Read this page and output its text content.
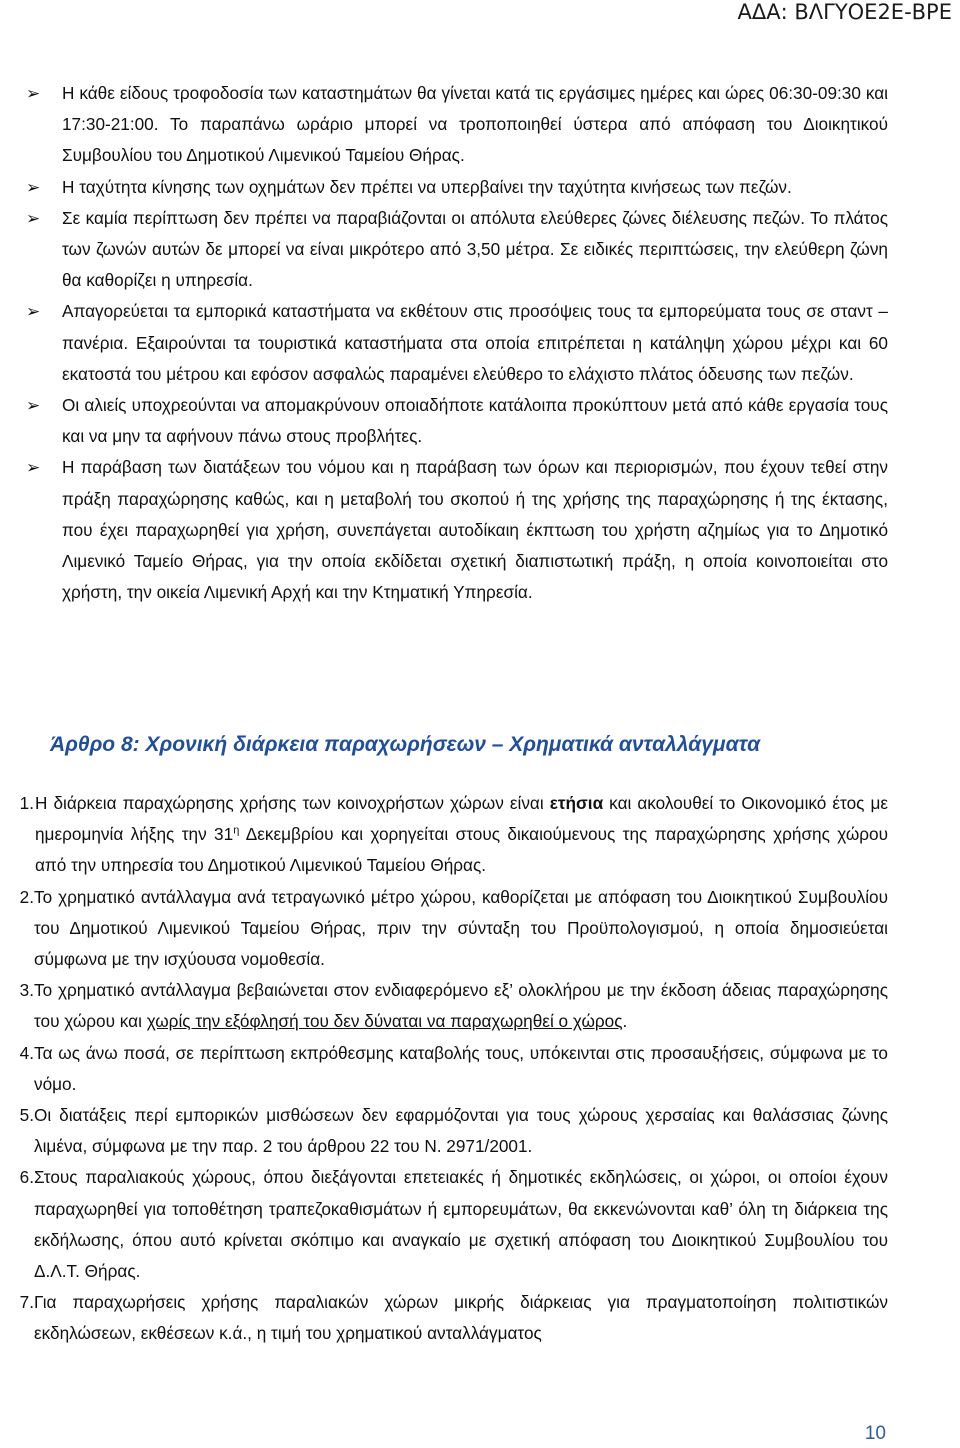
ΑΔΑ: ΒΛΓΥΟΕ2Ε-ΒΡΕ
➢	Η κάθε είδους τροφοδοσία των καταστημάτων θα γίνεται κατά τις εργάσιμες ημέρες και ώρες 06:30-09:30 και 17:30-21:00. Το παραπάνω ωράριο μπορεί να τροποποιηθεί ύστερα από απόφαση του Διοικητικού Συμβουλίου του Δημοτικού Λιμενικού Ταμείου Θήρας.
➢	Η ταχύτητα κίνησης των οχημάτων δεν πρέπει να υπερβαίνει την ταχύτητα κινήσεως των πεζών.
➢	Σε καμία περίπτωση δεν πρέπει να παραβιάζονται οι απόλυτα ελεύθερες ζώνες διέλευσης πεζών. Το πλάτος των ζωνών αυτών δε μπορεί να είναι μικρότερο από 3,50 μέτρα. Σε ειδικές περιπτώσεις, την ελεύθερη ζώνη θα καθορίζει η υπηρεσία.
➢	Απαγορεύεται τα εμπορικά καταστήματα να εκθέτουν στις προσόψεις τους τα εμπορεύματα τους σε σταντ – πανέρια. Εξαιρούνται τα τουριστικά καταστήματα στα οποία επιτρέπεται η κατάληψη χώρου μέχρι και 60 εκατοστά του μέτρου και εφόσον ασφαλώς παραμένει ελεύθερο το ελάχιστο πλάτος όδευσης των πεζών.
➢	Οι αλιείς υποχρεούνται να απομακρύνουν οποιαδήποτε κατάλοιπα προκύπτουν μετά από κάθε εργασία τους και να μην τα αφήνουν πάνω στους προβλήτες.
➢	Η παράβαση των διατάξεων του νόμου και η παράβαση των όρων και περιορισμών, που έχουν τεθεί στην πράξη παραχώρησης καθώς, και η μεταβολή του σκοπού ή της χρήσης της παραχώρησης ή της έκτασης, που έχει παραχωρηθεί για χρήση, συνεπάγεται αυτοδίκαιη έκπτωση του χρήστη αζημίως για το Δημοτικό Λιμενικό Ταμείο Θήρας, για την οποία εκδίδεται σχετική διαπιστωτική πράξη, η οποία κοινοποιείται στο χρήστη, την οικεία Λιμενική Αρχή και την Κτηματική Υπηρεσία.
Άρθρο 8: Χρονική διάρκεια παραχωρήσεων – Χρηματικά ανταλλάγματα
1. Η διάρκεια παραχώρησης χρήσης των κοινοχρήστων χώρων είναι ετήσια και ακολουθεί το Οικονομικό έτος με ημερομηνία λήξης την $31^\eta$ Δεκεμβρίου και χορηγείται στους δικαιούμενους της παραχώρησης χρήσης χώρου από την υπηρεσία του Δημοτικού Λιμενικού Ταμείου Θήρας.
2. Το χρηματικό αντάλλαγμα ανά τετραγωνικό μέτρο χώρου, καθορίζεται με απόφαση του Διοικητικού Συμβουλίου του Δημοτικού Λιμενικού Ταμείου Θήρας, πριν την σύνταξη του Προϋπολογισμού, η οποία δημοσιεύεται σύμφωνα με την ισχύουσα νομοθεσία.
3. Το χρηματικό αντάλλαγμα βεβαιώνεται στον ενδιαφερόμενο εξ’ ολοκλήρου με την έκδοση άδειας παραχώρησης του χώρου και χωρίς την εξόφλησή του δεν δύναται να παραχωρηθεί ο χώρος.
4. Τα ως άνω ποσά, σε περίπτωση εκπρόθεσμης καταβολής τους, υπόκεινται στις προσαυξήσεις, σύμφωνα με το νόμο.
5. Οι διατάξεις περί εμπορικών μισθώσεων δεν εφαρμόζονται για τους χώρους χερσαίας και θαλάσσιας ζώνης λιμένα, σύμφωνα με την παρ. 2 του άρθρου 22 του Ν. 2971/2001.
6. Στους παραλιακούς χώρους, όπου διεξάγονται επετειακές ή δημοτικές εκδηλώσεις, οι χώροι, οι οποίοι έχουν παραχωρηθεί για τοποθέτηση τραπεζοκαθισμάτων ή εμπορευμάτων, θα εκκενώνονται καθ’ όλη τη διάρκεια της εκδήλωσης, όπου αυτό κρίνεται σκόπιμο και αναγκαίο με σχετική απόφαση του Διοικητικού Συμβουλίου του Δ.Λ.Τ. Θήρας.
7. Για παραχωρήσεις χρήσης παραλιακών χώρων μικρής διάρκειας για πραγματοποίηση πολιτιστικών εκδηλώσεων, εκθέσεων κ.ά., η τιμή του χρηματικού ανταλλάγματος
10
